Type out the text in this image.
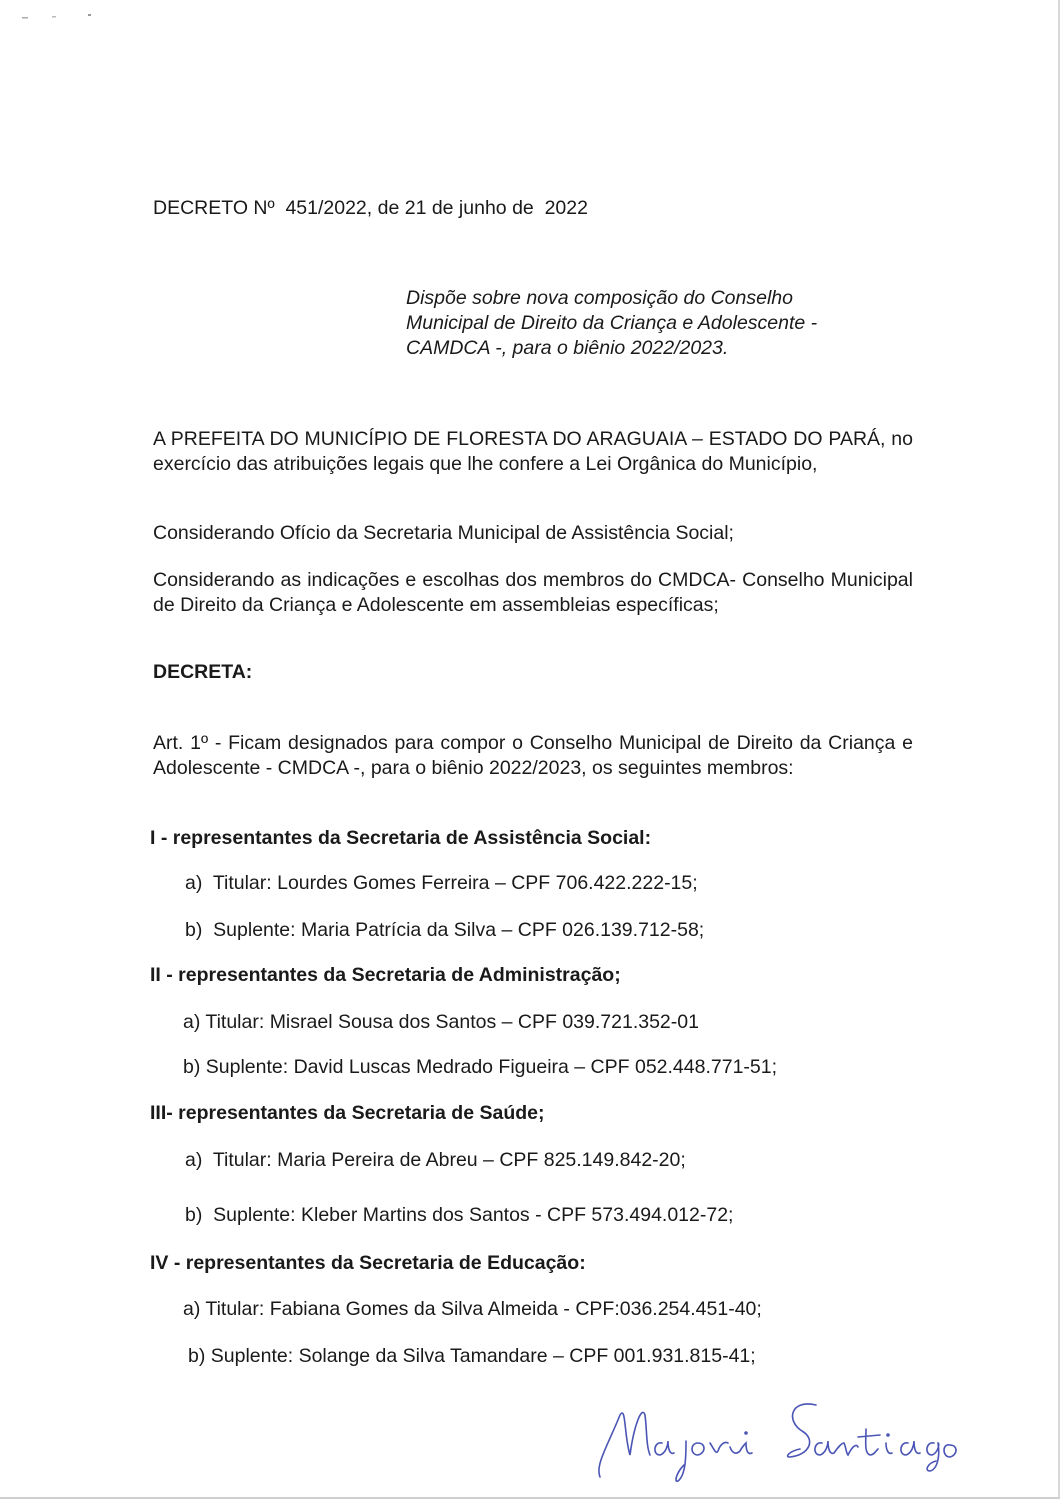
DECRETO Nº  451/2022, de 21 de junho de  2022

Dispõe sobre nova composição do Conselho Municipal de Direito da Criança e Adolescente - CAMDCA -, para o biênio 2022/2023.

A PREFEITA DO MUNICÍPIO DE FLORESTA DO ARAGUAIA – ESTADO DO PARÁ, no exercício das atribuições legais que lhe confere a Lei Orgânica do Município,

Considerando Ofício da Secretaria Municipal de Assistência Social;

Considerando as indicações e escolhas dos membros do CMDCA- Conselho Municipal de Direito da Criança e Adolescente em assembleias específicas;

DECRETA:

Art. 1º - Ficam designados para compor o Conselho Municipal de Direito da Criança e Adolescente - CMDCA -, para o biênio 2022/2023, os seguintes membros:

I - representantes da Secretaria de Assistência Social:

a)  Titular: Lourdes Gomes Ferreira – CPF 706.422.222-15;

b)  Suplente: Maria Patrícia da Silva – CPF 026.139.712-58;

II - representantes da Secretaria de Administração;

a) Titular: Misrael Sousa dos Santos – CPF 039.721.352-01

b) Suplente: David Luscas Medrado Figueira – CPF 052.448.771-51;

III- representantes da Secretaria de Saúde;

a)  Titular: Maria Pereira de Abreu – CPF 825.149.842-20;

b)  Suplente: Kleber Martins dos Santos - CPF 573.494.012-72;

IV - representantes da Secretaria de Educação:

a) Titular: Fabiana Gomes da Silva Almeida - CPF:036.254.451-40;

b) Suplente: Solange da Silva Tamandare – CPF 001.931.815-41;
